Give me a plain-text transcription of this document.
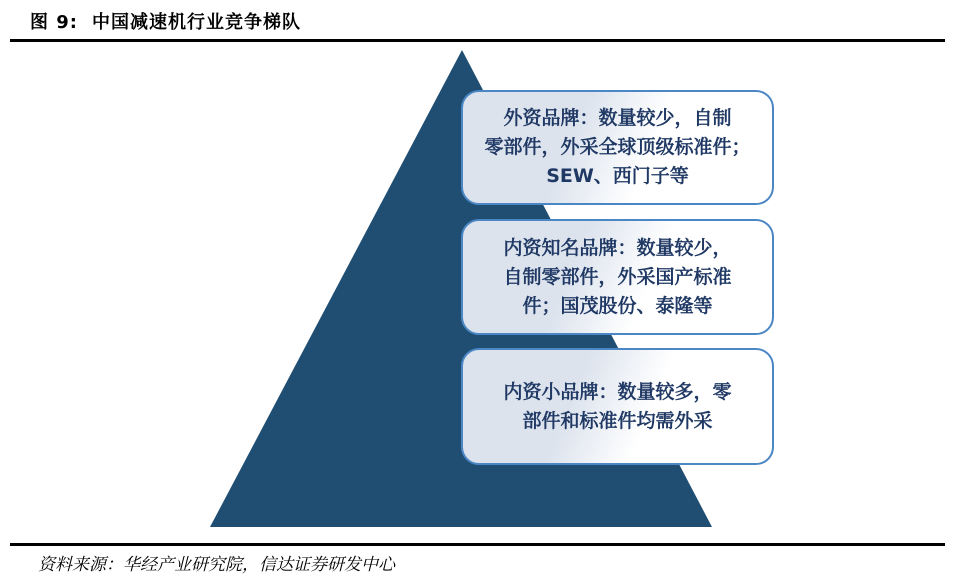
图 9: 中国减速机行业竞争梯队
外资品牌：数量较少，自制
零部件，外采全球顶级标准件；
SEW、西门子等
内资知名品牌：数量较少，
自制零部件，外采国产标准
件；国茂股份、泰隆等
内资小品牌：数量较多，零
部件和标准件均需外采
资料来源：华经产业研究院，信达证券研发中心
